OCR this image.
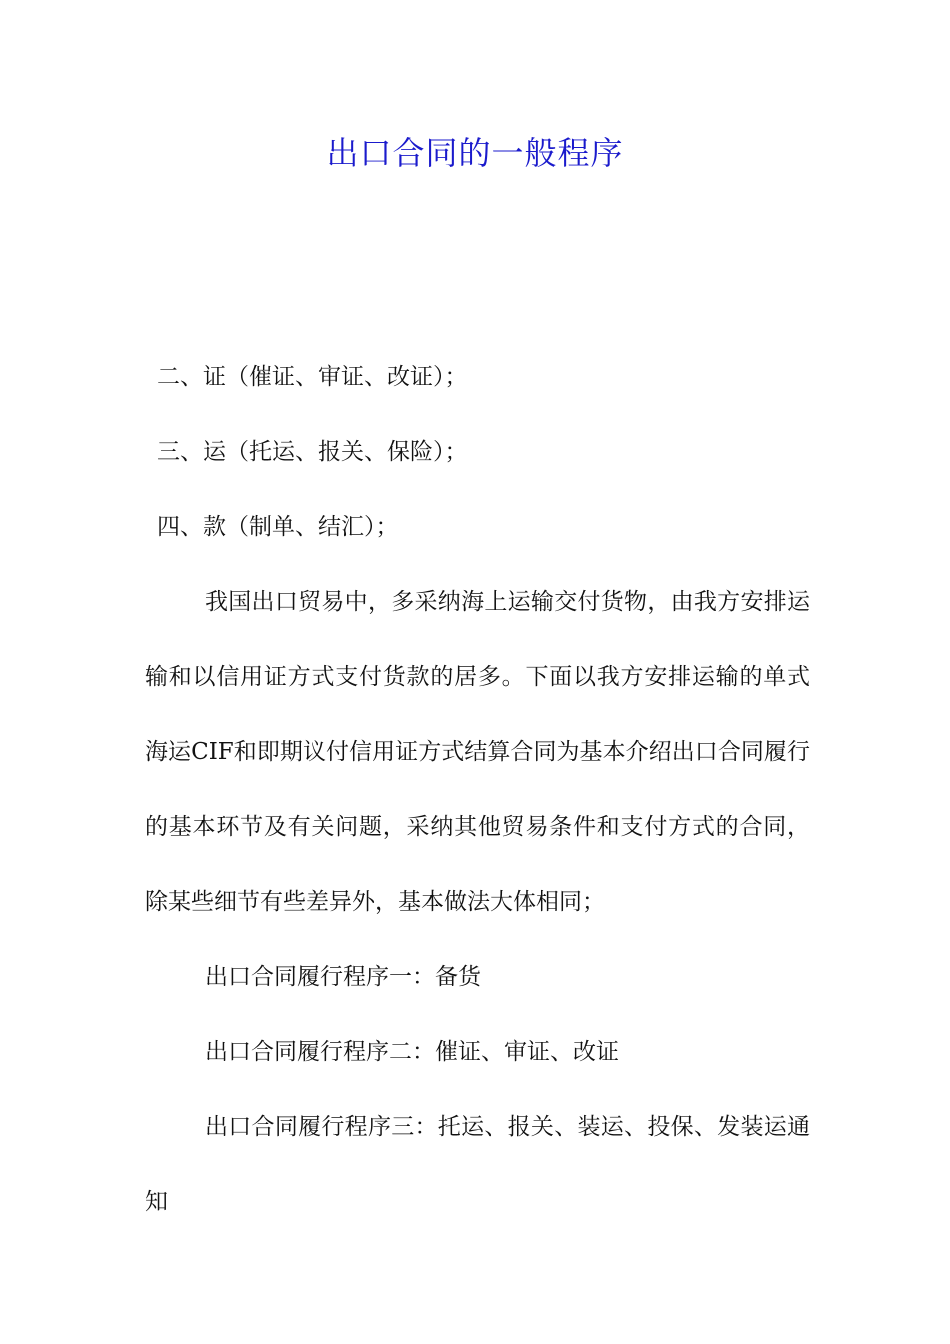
出口合同的一般程序

二、证（催证、审证、改证）；

三、运（托运、报关、保险）；

四、款（制单、结汇）；

我国出口贸易中，多采纳海上运输交付货物，由我方安排运输和以信用证方式支付货款的居多。下面以我方安排运输的单式海运CIF和即期议付信用证方式结算合同为基本介绍出口合同履行的基本环节及有关问题，采纳其他贸易条件和支付方式的合同，除某些细节有些差异外，基本做法大体相同；

出口合同履行程序一：备货

出口合同履行程序二：催证、审证、改证

出口合同履行程序三：托运、报关、装运、投保、发装运通知
